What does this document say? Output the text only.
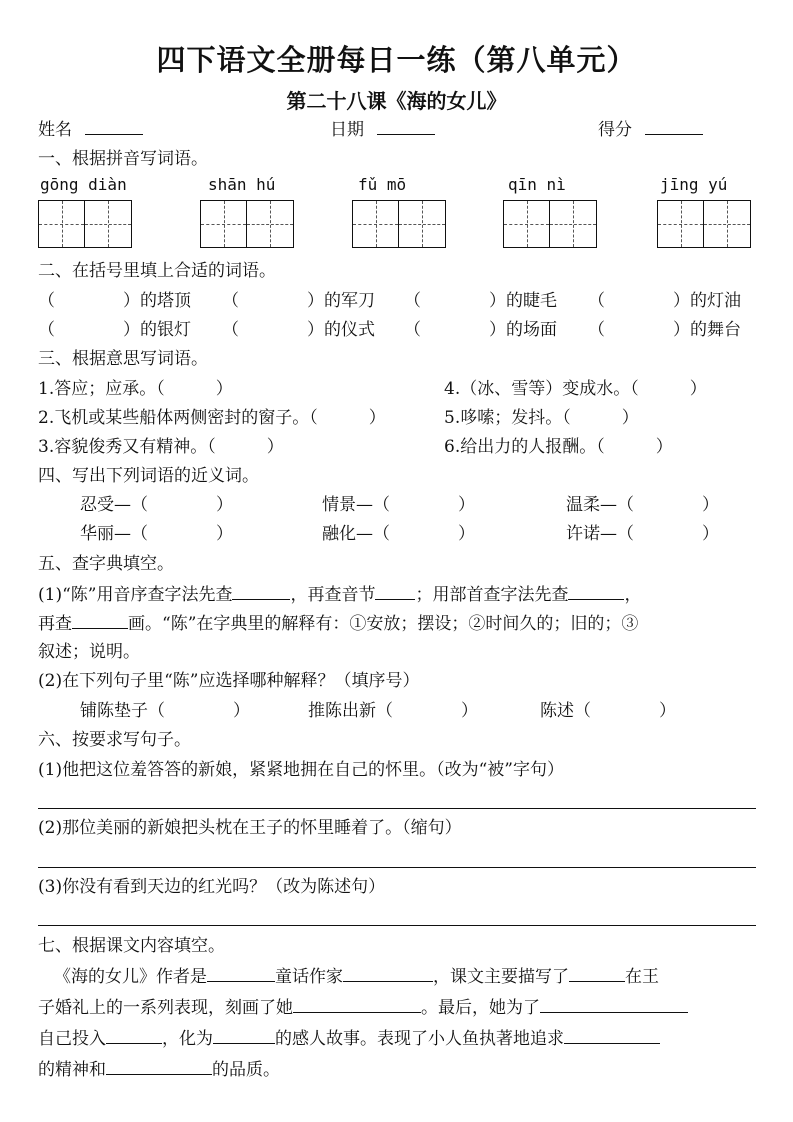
四下语文全册每日一练（第八单元）
第二十八课《海的女儿》
姓名	日期	得分
一、根据拼音写词语。
gōng diàn	shān hú	fǔ mō	qīn nì	jīng yú
二、在括号里填上合适的词语。
（　　　　）的塔顶 （　　　　）的军刀 （　　　　）的睫毛 （　　　　）的灯油
（　　　　）的银灯 （　　　　）的仪式 （　　　　）的场面 （　　　　）的舞台
三、根据意思写词语。
1.答应；应承。（　　　）	4.（冰、雪等）变成水。（　　　）
2.飞机或某些船体两侧密封的窗子。（　　　）	5.哆嗦；发抖。（　　　）
3.容貌俊秀又有精神。（　　　）	6.给出力的人报酬。（　　　）
四、写出下列词语的近义词。
忍受—（　　　　）	情景—（　　　　）	温柔—（　　　　）
华丽—（　　　　）	融化—（　　　　）	许诺—（　　　　）
五、查字典填空。
(1)“陈”用音序查字法先查	，再查音节 ；用部首查字法先查	，
再查	画。“陈”在字典里的解释有：①安放；摆设；②时间久的；旧的；③
叙述；说明。
(2)在下列句子里“陈”应选择哪种解释？（填序号）
铺陈垫子（　　　　）	推陈出新（　　　　）	陈述（　　　　）
六、按要求写句子。
(1)他把这位羞答答的新娘，紧紧地拥在自己的怀里。（改为“被”字句）
(2)那位美丽的新娘把头枕在王子的怀里睡着了。（缩句）
(3)你没有看到天边的红光吗？（改为陈述句）
七、根据课文内容填空。
《海的女儿》作者是	童话作家	，课文主要描写了	在王
子婚礼上的一系列表现，刻画了她	。最后，她为了
自己投入	，化为	的感人故事。表现了小人鱼执著地追求
的精神和	的品质。
